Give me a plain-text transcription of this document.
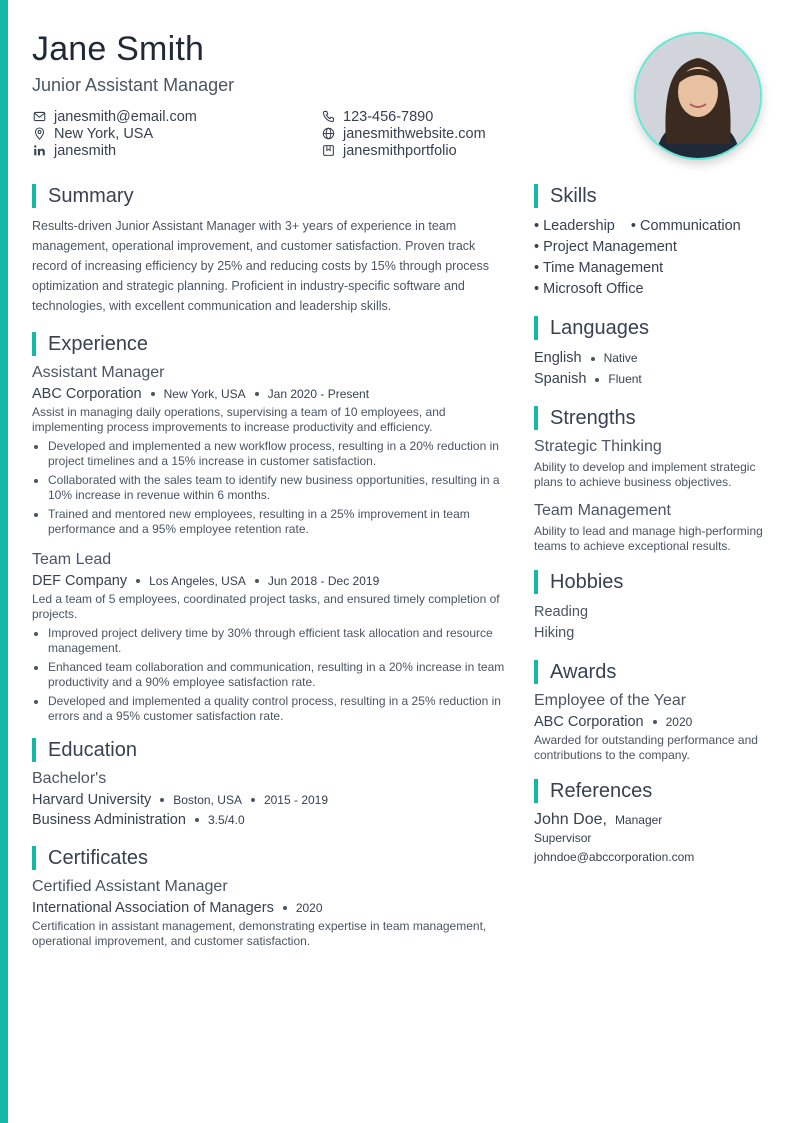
Jane Smith
Junior Assistant Manager
janesmith@email.com
New York, USA
janesmith
123-456-7890
janesmithwebsite.com
janesmithportfolio
Summary

Results-driven Junior Assistant Manager with 3+ years of experience in team management, operational improvement, and customer satisfaction. Proven track record of increasing efficiency by 25% and reducing costs by 15% through process optimization and strategic planning. Proficient in industry-specific software and technologies, with excellent communication and leadership skills.

Experience
Assistant Manager
ABC Corporation New York, USA Jan 2020 - Present
Assist in managing daily operations, supervising a team of 10 employees, and implementing process improvements to increase productivity and efficiency.
Developed and implemented a new workflow process, resulting in a 20% reduction in project timelines and a 15% increase in customer satisfaction.
Collaborated with the sales team to identify new business opportunities, resulting in a 10% increase in revenue within 6 months.
Trained and mentored new employees, resulting in a 25% improvement in team performance and a 95% employee retention rate.
Team Lead
DEF Company Los Angeles, USA Jun 2018 - Dec 2019
Led a team of 5 employees, coordinated project tasks, and ensured timely completion of projects.
Improved project delivery time by 30% through efficient task allocation and resource management.
Enhanced team collaboration and communication, resulting in a 20% increase in team productivity and a 90% employee satisfaction rate.
Developed and implemented a quality control process, resulting in a 25% reduction in errors and a 95% customer satisfaction rate.
Education
Bachelor's
Harvard University Boston, USA 2015 - 2019
Business Administration 3.5/4.0
Certificates
Certified Assistant Manager
International Association of Managers 2020
Certification in assistant management, demonstrating expertise in team management, operational improvement, and customer satisfaction.
Skills
• Leadership • Communication
• Project Management
• Time Management
• Microsoft Office
Languages
English Native
Spanish Fluent
Strengths
Strategic Thinking
Ability to develop and implement strategic plans to achieve business objectives.
Team Management
Ability to lead and manage high-performing teams to achieve exceptional results.
Hobbies
Reading
Hiking
Awards
Employee of the Year
ABC Corporation 2020
Awarded for outstanding performance and contributions to the company.
References
John Doe, Manager
Supervisor
johndoe@abccorporation.com
